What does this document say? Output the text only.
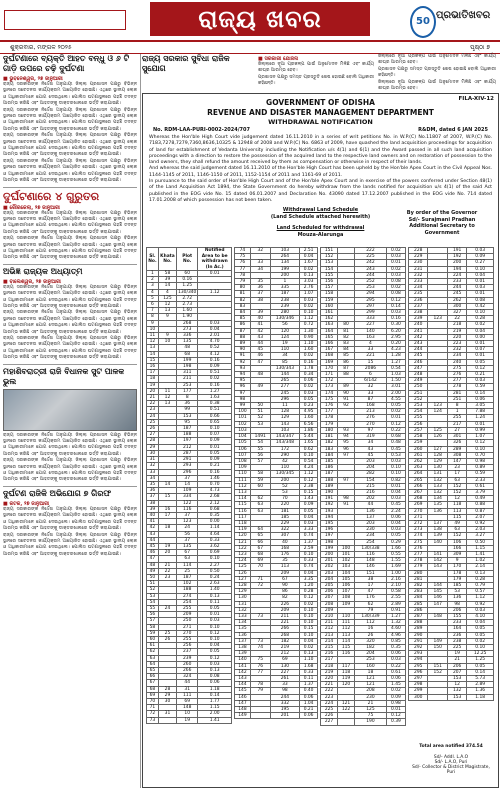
ରାଜ୍ୟ ଖବର	50
ପ୍ରଭାତିଖବର
ଶୁକ୍ରବାର, ମଙ୍ଗଳ ୨୦୨୫	ପୃଷ୍ଠା ୭
ଦୁର୍ଘଟଣାରେ ବ୍ୟକ୍ତି ଆହତ ବନ୍ଧୁ ଓ ୬ ଟି ଗାଡ଼ି ଉପରେ ଚଢ଼ି ଦୁର୍ଘଟଣା
■ ଭୁବନେଶ୍ୱର, ୨୭ ଜାନୁଆରୀ
ରାଜ୍ୟ ସରକାରଙ୍କ ନିର୍ଦ୍ଦେଶ ଅନୁଯାୟୀ ଜିଲ୍ଲା ପ୍ରଶାସନ ପକ୍ଷରୁ ବିଭିନ୍ନ ସ୍ଥାନରେ ସଚେତନତା କାର୍ଯ୍ୟକ୍ରମ ଆୟୋଜିତ ହୋଇଛି। ଏଥିରେ ସ୍ଥାନୀୟ ଲୋକ ଓ ଅଧିକାରୀମାନେ ଯୋଗ ଦେଇଥିଲେ। ପୋଲିସ ଘଟଣାସ୍ଥଳରେ ପହଞ୍ଚି ତଦନ୍ତ ଆରମ୍ଭ କରିଛି ଏବଂ ଆହତଙ୍କୁ ଡାକ୍ତରଖାନାରେ ଭର୍ତ୍ତି କରାଯାଇଛି।
ରାଜ୍ୟ ସରକାରଙ୍କ ନିର୍ଦ୍ଦେଶ ଅନୁଯାୟୀ ଜିଲ୍ଲା ପ୍ରଶାସନ ପକ୍ଷରୁ ବିଭିନ୍ନ ସ୍ଥାନରେ ସଚେତନତା କାର୍ଯ୍ୟକ୍ରମ ଆୟୋଜିତ ହୋଇଛି। ଏଥିରେ ସ୍ଥାନୀୟ ଲୋକ ଓ ଅଧିକାରୀମାନେ ଯୋଗ ଦେଇଥିଲେ। ପୋଲିସ ଘଟଣାସ୍ଥଳରେ ପହଞ୍ଚି ତଦନ୍ତ ଆରମ୍ଭ କରିଛି ଏବଂ ଆହତଙ୍କୁ ଡାକ୍ତରଖାନାରେ ଭର୍ତ୍ତି କରାଯାଇଛି।
ରାଜ୍ୟ ସରକାରଙ୍କ ନିର୍ଦ୍ଦେଶ ଅନୁଯାୟୀ ଜିଲ୍ଲା ପ୍ରଶାସନ ପକ୍ଷରୁ ବିଭିନ୍ନ ସ୍ଥାନରେ ସଚେତନତା କାର୍ଯ୍ୟକ୍ରମ ଆୟୋଜିତ ହୋଇଛି। ଏଥିରେ ସ୍ଥାନୀୟ ଲୋକ ଓ ଅଧିକାରୀମାନେ ଯୋଗ ଦେଇଥିଲେ। ପୋଲିସ ଘଟଣାସ୍ଥଳରେ ପହଞ୍ଚି ତଦନ୍ତ ଆରମ୍ଭ କରିଛି ଏବଂ ଆହତଙ୍କୁ ଡାକ୍ତରଖାନାରେ ଭର୍ତ୍ତି କରାଯାଇଛି।
ରାଜ୍ୟ ସରକାରଙ୍କ ନିର୍ଦ୍ଦେଶ ଅନୁଯାୟୀ ଜିଲ୍ଲା ପ୍ରଶାସନ ପକ୍ଷରୁ ବିଭିନ୍ନ ସ୍ଥାନରେ ସଚେତନତା କାର୍ଯ୍ୟକ୍ରମ ଆୟୋଜିତ ହୋଇଛି। ଏଥିରେ ସ୍ଥାନୀୟ ଲୋକ ଓ ଅଧିକାରୀମାନେ ଯୋଗ ଦେଇଥିଲେ। ପୋଲିସ ଘଟଣାସ୍ଥଳରେ ପହଞ୍ଚି ତଦନ୍ତ ଆରମ୍ଭ କରିଛି ଏବଂ ଆହତଙ୍କୁ ଡାକ୍ତରଖାନାରେ ଭର୍ତ୍ତି କରାଯାଇଛି।
ଦୁର୍ଘଟଣାରେ ୪ ଗୁରୁତର
■ ରୌରକେଲା, ୨୭ ଜାନୁଆରୀ
ରାଜ୍ୟ ସରକାରଙ୍କ ନିର୍ଦ୍ଦେଶ ଅନୁଯାୟୀ ଜିଲ୍ଲା ପ୍ରଶାସନ ପକ୍ଷରୁ ବିଭିନ୍ନ ସ୍ଥାନରେ ସଚେତନତା କାର୍ଯ୍ୟକ୍ରମ ଆୟୋଜିତ ହୋଇଛି। ଏଥିରେ ସ୍ଥାନୀୟ ଲୋକ ଓ ଅଧିକାରୀମାନେ ଯୋଗ ଦେଇଥିଲେ। ପୋଲିସ ଘଟଣାସ୍ଥଳରେ ପହଞ୍ଚି ତଦନ୍ତ ଆରମ୍ଭ କରିଛି ଏବଂ ଆହତଙ୍କୁ ଡାକ୍ତରଖାନାରେ ଭର୍ତ୍ତି କରାଯାଇଛି।
ରାଜ୍ୟ ସରକାରଙ୍କ ନିର୍ଦ୍ଦେଶ ଅନୁଯାୟୀ ଜିଲ୍ଲା ପ୍ରଶାସନ ପକ୍ଷରୁ ବିଭିନ୍ନ ସ୍ଥାନରେ ସଚେତନତା କାର୍ଯ୍ୟକ୍ରମ ଆୟୋଜିତ ହୋଇଛି। ଏଥିରେ ସ୍ଥାନୀୟ ଲୋକ ଓ ଅଧିକାରୀମାନେ ଯୋଗ ଦେଇଥିଲେ। ପୋଲିସ ଘଟଣାସ୍ଥଳରେ ପହଞ୍ଚି ତଦନ୍ତ ଆରମ୍ଭ କରିଛି ଏବଂ ଆହତଙ୍କୁ ଡାକ୍ତରଖାନାରେ ଭର୍ତ୍ତି କରାଯାଇଛି।
ଅଭିଜ୍ଞ ରାଜ୍ୟକ ଅଧ୍ୟାତ୍ମ
■ ବାଲେଶ୍ୱର, ୨୭ ଜାନୁଆରୀ
ରାଜ୍ୟ ସରକାରଙ୍କ ନିର୍ଦ୍ଦେଶ ଅନୁଯାୟୀ ଜିଲ୍ଲା ପ୍ରଶାସନ ପକ୍ଷରୁ ବିଭିନ୍ନ ସ୍ଥାନରେ ସଚେତନତା କାର୍ଯ୍ୟକ୍ରମ ଆୟୋଜିତ ହୋଇଛି। ଏଥିରେ ସ୍ଥାନୀୟ ଲୋକ ଓ ଅଧିକାରୀମାନେ ଯୋଗ ଦେଇଥିଲେ। ପୋଲିସ ଘଟଣାସ୍ଥଳରେ ପହଞ୍ଚି ତଦନ୍ତ ଆରମ୍ଭ କରିଛି ଏବଂ ଆହତଙ୍କୁ ଡାକ୍ତରଖାନାରେ ଭର୍ତ୍ତି କରାଯାଇଛି।
ରାଜ୍ୟ ସରକାରଙ୍କ ନିର୍ଦ୍ଦେଶ ଅନୁଯାୟୀ ଜିଲ୍ଲା ପ୍ରଶାସନ ପକ୍ଷରୁ ବିଭିନ୍ନ ସ୍ଥାନରେ ସଚେତନତା କାର୍ଯ୍ୟକ୍ରମ ଆୟୋଜିତ ହୋଇଛି। ଏଥିରେ ସ୍ଥାନୀୟ ଲୋକ ଓ ଅଧିକାରୀମାନେ ଯୋଗ ଦେଇଥିଲେ। ପୋଲିସ ଘଟଣାସ୍ଥଳରେ ପହଞ୍ଚି ତଦନ୍ତ ଆରମ୍ଭ କରିଛି ଏବଂ ଆହତଙ୍କୁ ଡାକ୍ତରଖାନାରେ ଭର୍ତ୍ତି କରାଯାଇଛି।
ରାଜ୍ୟ ସରକାରଙ୍କ ନିର୍ଦ୍ଦେଶ ଅନୁଯାୟୀ ଜିଲ୍ଲା ପ୍ରଶାସନ ପକ୍ଷରୁ ବିଭିନ୍ନ ସ୍ଥାନରେ ସଚେତନତା କାର୍ଯ୍ୟକ୍ରମ ଆୟୋଜିତ ହୋଇଛି। ଏଥିରେ ସ୍ଥାନୀୟ ଲୋକ ଓ ଅଧିକାରୀମାନେ ଯୋଗ ଦେଇଥିଲେ। ପୋଲିସ ଘଟଣାସ୍ଥଳରେ ପହଞ୍ଚି ତଦନ୍ତ ଆରମ୍ଭ କରିଛି ଏବଂ ଆହତଙ୍କୁ ଡାକ୍ତରଖାନାରେ ଭର୍ତ୍ତି କରାଯାଇଛି।
ମହାଶିବରାତ୍ରୀ ରାଜି ବିଧାନକ ସୁଟ ପାଳକ ଭୁଲ
ରାଜ୍ୟ ସରକାରଙ୍କ ନିର୍ଦ୍ଦେଶ ଅନୁଯାୟୀ ଜିଲ୍ଲା ପ୍ରଶାସନ ପକ୍ଷରୁ ବିଭିନ୍ନ ସ୍ଥାନରେ ସଚେତନତା କାର୍ଯ୍ୟକ୍ରମ ଆୟୋଜିତ ହୋଇଛି। ଏଥିରେ ସ୍ଥାନୀୟ ଲୋକ ଓ ଅଧିକାରୀମାନେ ଯୋଗ ଦେଇଥିଲେ। ପୋଲିସ ଘଟଣାସ୍ଥଳରେ ପହଞ୍ଚି ତଦନ୍ତ ଆରମ୍ଭ କରିଛି ଏବଂ ଆହତଙ୍କୁ ଡାକ୍ତରଖାନାରେ ଭର୍ତ୍ତି କରାଯାଇଛି।
ରାଜ୍ୟ ସରକାରଙ୍କ ନିର୍ଦ୍ଦେଶ ଅନୁଯାୟୀ ଜିଲ୍ଲା ପ୍ରଶାସନ ପକ୍ଷରୁ ବିଭିନ୍ନ ସ୍ଥାନରେ ସଚେତନତା କାର୍ଯ୍ୟକ୍ରମ ଆୟୋଜିତ ହୋଇଛି। ଏଥିରେ ସ୍ଥାନୀୟ ଲୋକ ଓ ଅଧିକାରୀମାନେ ଯୋଗ ଦେଇଥିଲେ। ପୋଲିସ ଘଟଣାସ୍ଥଳରେ ପହଞ୍ଚି ତଦନ୍ତ ଆରମ୍ଭ କରିଛି ଏବଂ ଆହତଙ୍କୁ ଡାକ୍ତରଖାନାରେ ଭର୍ତ୍ତି କରାଯାଇଛି।
ଦୁର୍ଘଟଣ ରାଜିକି ଅଭିଯୋଗ ୭ ଗିରଫ
■ କଟକ, ୨୭ ଜାନୁଆରୀ
ରାଜ୍ୟ ସରକାରଙ୍କ ନିର୍ଦ୍ଦେଶ ଅନୁଯାୟୀ ଜିଲ୍ଲା ପ୍ରଶାସନ ପକ୍ଷରୁ ବିଭିନ୍ନ ସ୍ଥାନରେ ସଚେତନତା କାର୍ଯ୍ୟକ୍ରମ ଆୟୋଜିତ ହୋଇଛି। ଏଥିରେ ସ୍ଥାନୀୟ ଲୋକ ଓ ଅଧିକାରୀମାନେ ଯୋଗ ଦେଇଥିଲେ। ପୋଲିସ ଘଟଣାସ୍ଥଳରେ ପହଞ୍ଚି ତଦନ୍ତ ଆରମ୍ଭ କରିଛି ଏବଂ ଆହତଙ୍କୁ ଡାକ୍ତରଖାନାରେ ଭର୍ତ୍ତି କରାଯାଇଛି।
ରାଜ୍ୟ ସରକାରଙ୍କ ନିର୍ଦ୍ଦେଶ ଅନୁଯାୟୀ ଜିଲ୍ଲା ପ୍ରଶାସନ ପକ୍ଷରୁ ବିଭିନ୍ନ ସ୍ଥାନରେ ସଚେତନତା କାର୍ଯ୍ୟକ୍ରମ ଆୟୋଜିତ ହୋଇଛି। ଏଥିରେ ସ୍ଥାନୀୟ ଲୋକ ଓ ଅଧିକାରୀମାନେ ଯୋଗ ଦେଇଥିଲେ। ପୋଲିସ ଘଟଣାସ୍ଥଳରେ ପହଞ୍ଚି ତଦନ୍ତ ଆରମ୍ଭ କରିଛି ଏବଂ ଆହତଙ୍କୁ ଡାକ୍ତରଖାନାରେ ଭର୍ତ୍ତି କରାଯାଇଛି।
ରାଜ୍ୟ ସରକାର ସୁବିଧା ରାଜିକ ସୁଯୋଗ
■ ସରକାରୀ ଯୋଜନା
ଜିଲ୍ଲାରେ ନୂଆ ପ୍ରକଳ୍ପ ପାଇଁ ଅନୁମୋଦନ ମିଳିଛି ଏବଂ କାର୍ଯ୍ୟ ଶୀଘ୍ର ଆରମ୍ଭ ହେବ।
ପ୍ରଶାସନ ପକ୍ଷରୁ ସମସ୍ତ ପ୍ରସ୍ତୁତି ଶେଷ ହୋଇଛି ବୋଲି ଅଧିକାରୀ କହିଛନ୍ତି।
ଜିଲ୍ଲାରେ ନୂଆ ପ୍ରକଳ୍ପ ପାଇଁ ଅନୁମୋଦନ ମିଳିଛି ଏବଂ କାର୍ଯ୍ୟ ଶୀଘ୍ର ଆରମ୍ଭ ହେବ।
ପ୍ରଶାସନ ପକ୍ଷରୁ ସମସ୍ତ ପ୍ରସ୍ତୁତି ଶେଷ ହୋଇଛି ବୋଲି ଅଧିକାରୀ କହିଛନ୍ତି।
ଜିଲ୍ଲାରେ ନୂଆ ପ୍ରକଳ୍ପ ପାଇଁ ଅନୁମୋଦନ ମିଳିଛି ଏବଂ କାର୍ଯ୍ୟ ଶୀଘ୍ର ଆରମ୍ଭ ହେବ।
FILA-XIV-12
GOVERNMENT OF ODISHA
REVENUE AND DISASTER MANAGEMENT DEPARTMENT
WITHDRAWAL NOTIFICATION
No. RDM-LAA-PURI-0002-2024/707	R&DM, dated 6 JAN 2025
Whereas the Hon'ble High Court vide judgement dated 16.11.2010 in a series of writ petitions No. in W.P.(C) No.11807 of 2007, W.P.(C) No. 7183,7278,7279,7360,8636,10325 & 12948 of 2008 and W.P.(C) No. 6863 of 2009, have quashed the land acquisition proceedings for acquisition of land for establishment of Vedanta University including the Notification u/s 4(1) and 6(1) and the Award passed in all such land acquisition proceedings with a direction to restore the possession of the acquired land to the respective land owners and on restoration of possession to the land owners, they shall refund the amount received by them as compensation or otherwise in respect of their lands.
And whereas the said judgement dated 16.11.2010 of the Hon'ble High Court has been upheld by the Hon'ble Apex Court in the Civil Appeal Nos. 1144-1145 of 2011, 1146-1150 of 2011, 1152-1154 of 2011 and 1161-69 of 2011.
In pursuance to the said order of Hon'ble High Court and of the Hon'ble Apex Court and in exercise of the powers conferred under Section 48(1) of the Land Acquisition Act 1894, the State Government do hereby withdraw from the lands notified for acquisition u/s 4(1) of the said Act published in the EOG vide No. 15 dated 06.01.2007 and Declaration No. 43090 dated 17.12.2007 published in the EOG vide No. 714 dated 17.01.2008 of which possession has not been taken.
Withdrawal Land Schedule
(Land Schedule attached herewith)
By order of the Governor
Sd/- Surajmani Pradhan
Additional Secretary to Government
Land Scheduled for withdrawal
Mouza-Alarunga
Sl. No.	Khata No.	Plot No.	Notified Area to be withdrawn (In Ac.)
1	58	60	0.01
2	39	0.16	
3	14	1.25	
4	4	130/340	1.12
5	125	2.72	
6	12	2.73	
7	13	1.60	
8	9	1.90	
9		268	0.03
10		273	0.04
11	9	336	2.01
12	10	135	4.70
13		48	0.52
14		68	4.12
15		199	0.16
16		198	0.09
17		311	0.51
18		211	0.02
19		253	0.16
20	11	177	1.27
21	12	8	1.63
22	13	36	0.38
23		99	0.51
24		153	0.66
25		95	0.65
26		187	0.10
27		188	0.07
28		197	0.09
29		212	0.01
30		287	0.05
31		291	0.09
32		293	0.21
33		296	0.16
34		37	1.46
35	14	14	0.70
36		109	4.73
37	15	334	2.68
38		122	2.12
39	16	116	0.68
40	17	37	0.35
41		123	0.00
42	18	24	1.14
43		56	4.64
44		37	0.33
45	19	135	3.62
46	20	67	0.69
47		63	0.10
48	21	114	2.27
49	22	25	0.50
50	23	187	0.24
51		102	2.63
52		188	1.40
53		274	0.13
54		254	0.11
55	24	255	0.05
56		209	0.01
57		250	0.03
58		271	0.10
59	25	270	0.12
60	26	255	0.10
61		256	0.04
62		237	0.05
63		239	0.12
64		260	0.03
65		266	0.13
66		324	0.08
67		44	0.06
68	28	31	1.18
69	29	111	0.14
70	30	69	1.77
71		148	1.15
72	31	10	2.00
73		19	1.41
74	32	103	2.51
75		264	0.04
76	33	134	1.67
77	34	199	0.02
78		200	0.13
79	35	1	3.03
80	36	335	2.76
81	37	187	1.07
82	38	238	0.03
83		239	0.02
84	39	280	0.10
85	40	130/346	1.12
86	41	56	0.72
87	42	120	1.30
88	43	124	0.90
89	44	19	1.10
90	45	110	1.60
91	46	34	0.02
92	47	85	0.16
93		130/343	1.78
94	48	144	0.34
95		265	0.06
96	49	277	0.02
97		245	0.03
98		296	0.05
99	50	11	0.23
100	51	128	4.95
101	52	129	1.60
102	53	143	6.56
103		103	1.86
104	1491	143/347	5.44
105	54	143/348	1.65
106	55	172	0.62
107	56	290	0.10
108	57	42	0.54
109		110	4.24
110	58	130/345	1.12
111	59	200	0.12
112	60	52	2.38
113		53	0.15
114	62	70	1.43
115	63	220	0.09
116	63	181	0.05
117		185	0.04
118		229	0.03
119	64	322	3.33
120	65	307	0.74
121	66	40	1.37
122	67	168	2.59
123	68	176	0.10
124	69	35	0.33
125	70	113	0.74
126		209	0.04
127	71	67	3.35
128	72	90	1.20
129		86	0.28
130		82	0.12
131		226	0.02
132		209	0.10
133	73	211	0.10
134		221	0.10
135		266	0.15
136		268	0.10
137	73	182	0.04
138	74	219	0.02
139		212	0.13
140	75	69	1.10
141	76	130	1.68
142	77	227	0.33
143		261	0.11
144	78	33	1.37
145	79	98	0.40
146		244	0.06
147		332	1.04
148		195	0.21
149		201	0.06
151		222	0.02
152		225	0.03
153		242	0.01
154		243	0.02
155		244	0.03
156		252	0.08
157		253	0.02
158		294	0.08
159		295	0.12
160		297	0.14
161		299	0.03
162		333	0.16
163	80	227	0.30
164	81	140	6.20
165	82	163	2.95
166	83	4	0.20
167	84	33	4.23
168	85	221	1.28
169	86	15	1.27
170	87	2086	0.54
171	88	6	1.03
172		6/142	1.50
173	89	32	3.01
174	90	33	2.00
175	91	87	4.55
176	92	168	0.05
177		213	0.02
178		276	0.01
179		270	0.12
180	93	97	0.22
181	94	319	0.68
182	95	34	0.48
183	96	43	0.45
184	97	45	0.53
185		203	0.03
186		204	0.10
187		282	0.10
188	97	154	0.82
189		215	0.01
190		216	0.04
191	98	202	0.03
192	91	44	0.45
193		136	2.24
194		137	0.06
195		203	0.04
196		230	0.03
197		234	0.05
198		254	0.29
199	100	130/338	1.66
200	101	116	0.55
201	102	148	1.55
202	103	146	1.69
203	104	151	1.00
204	105	38	2.16
205	106	17	2.10
206	107	47	0.58
207	108	176	2.55
208	109	62	2.89
209		79	0.91
210	110	130/339	1.27
211	111	112	1.32
212	112	16	4.60
213	113	26	4.96
214	114	320	0.85
215	115	182	0.35
216	116	204	0.06
217		253	0.03
218	117	160	0.22
219	118	18	0.61
220	119	121	0.06
221	120	121	1.45
222		208	0.02
223		230	0.09
224	121	21	0.98
225	122	125	0.01
226		75	0.12
227		190	0.39
228		191	0.03
229		192	0.09
230		200	0.27
231		194	0.10
232		224	0.04
233		233	0.01
234		244	0.03
235		245	0.01
236		262	0.08
237		300	0.42
238		327	0.10
239	123	22	0.28
240		218	0.02
241		219	0.04
242		220	0.00
243		223	0.01
244		232	0.07
245		234	0.01
246		240	0.05
247		275	0.12
248		276	0.21
249		277	0.03
250		278	0.59
251		281	0.14
252		251	0.06
253	123	8	3.05
254	124	1	7.88
255		255	1.24
256		217	0.01
257	125	27	0.99
258	126	301	1.07
259		326	0.12
260	127	289	0.10
261	128	308	0.70
262	129	147	0.98
263	130	23	0.89
264	131	17	0.59
265	132	63	2.33
266	133	152	0.61
267	132	152	3.79
268	134	12	0.49
269	135	118	0.88
270	136	113	0.87
271		115	2.07
272	137	49	0.92
273	138	63	2.03
274	139	152	3.27
275	140	106	0.50
276		166	1.15
277	141	309	1.41
278	142	9	1.02
279	143	170	2.14
280		178	0.13
281		179	0.28
282	144	185	0.79
283	145	53	0.57
284	146	136	1.12
285	147	98	0.92
286		206	0.03
287	148	155	4.10
288		233	0.04
289		164	0.05
290		236	0.05
291	149	238	0.02
292	150	225	0.10
293		19	12.25
294		21	1.25
295	151	206	0.05
296	152	207	0.14
297		153	5.73
298		12	2.89
299		132	1.36
300		153	1.18
Total area notified 374.54
Sd/- Addl. L.A.O
Sd/- L.A.O, Puri
Sd/- Collector & District Magistrate, Puri
